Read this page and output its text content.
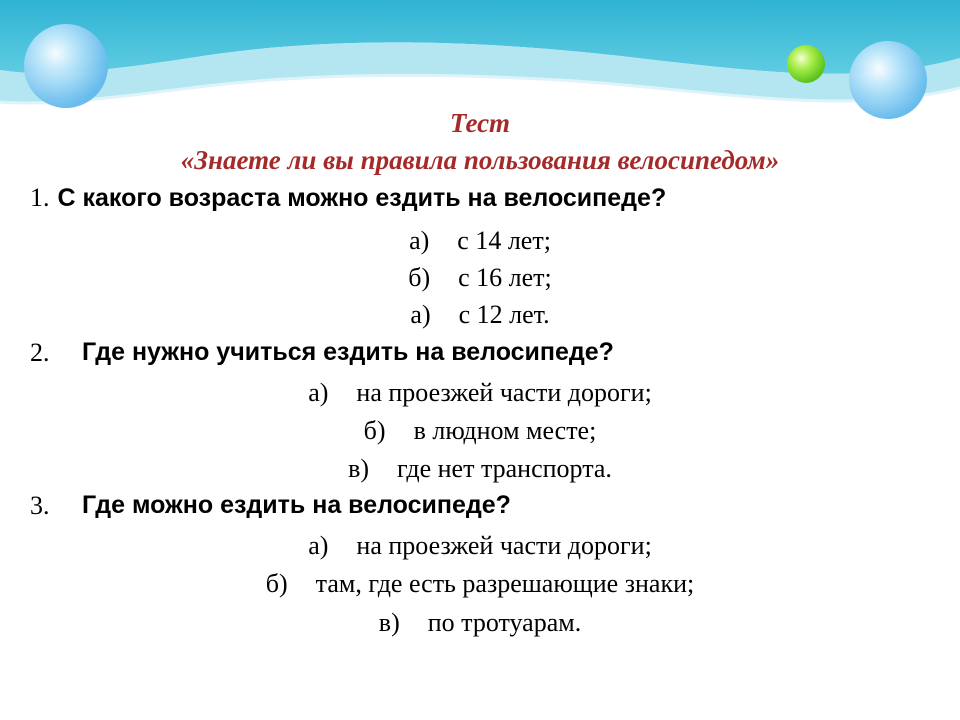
Тест
«Знаете ли вы правила пользования велосипедом»
1. С какого возраста можно ездить на велосипеде?
а) с 14 лет;
б) с 16 лет;
а) с 12 лет.
2. Где нужно учиться ездить на велосипеде?
а) на проезжей части дороги;
б) в людном месте;
в) где нет транспорта.
3. Где можно ездить на велосипеде?
а) на проезжей части дороги;
б) там, где есть разрешающие знаки;
в) по тротуарам.
